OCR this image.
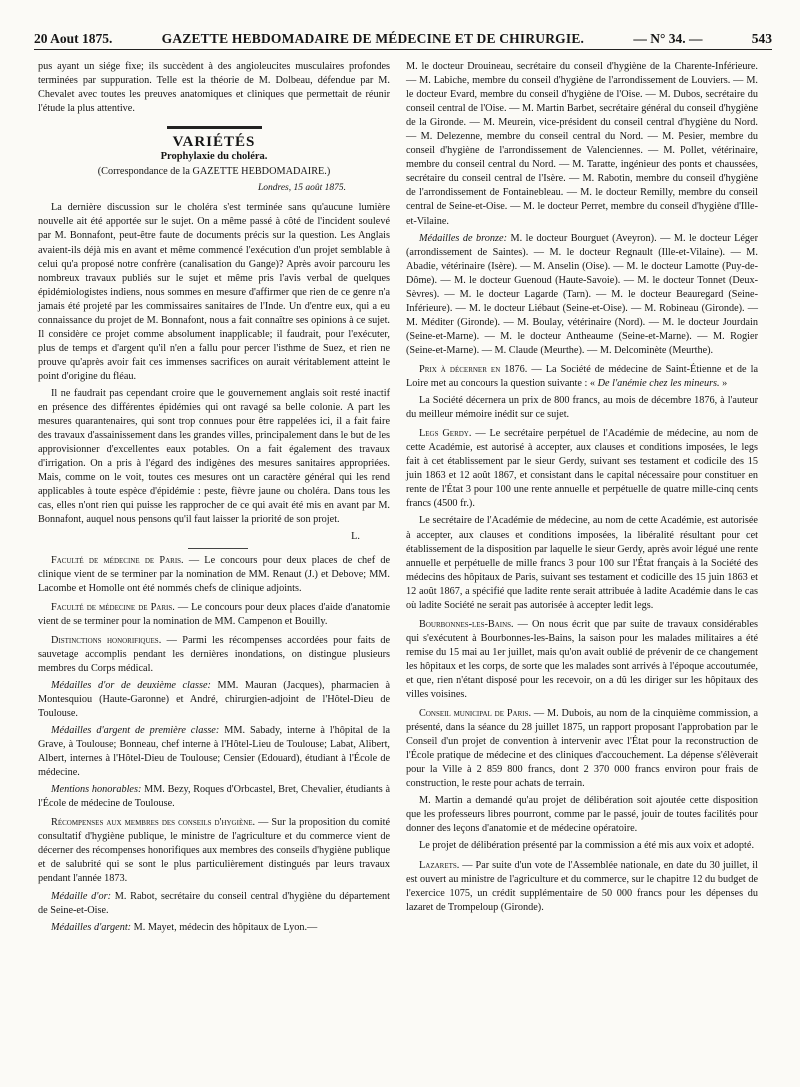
20 Aout 1875.	GAZETTE HEBDOMADAIRE DE MÉDECINE ET DE CHIRURGIE.	— N° 34. —	543

pus ayant un siége fixe; ils succèdent à des angioleucites musculaires profondes terminées par suppuration. Telle est la théorie de M. Dolbeau, défendue par M. Chevalet avec toutes les preuves anatomiques et cliniques que permettait de réunir l'étude la plus attentive.

VARIÉTÉS
Prophylaxie du choléra.
(Correspondance de la GAZETTE HEBDOMADAIRE.)
Londres, 15 août 1875.

La dernière discussion sur le choléra s'est terminée sans qu'aucune lumière nouvelle ait été apportée sur le sujet. On a même passé à côté de l'incident soulevé par M. Bonnafont, peut-être faute de documents précis sur la question. Les Anglais avaient-ils déjà mis en avant et même commencé l'exécution d'un projet semblable à celui qu'a proposé notre confrère (canalisation du Gange)? Après avoir parcouru les nombreux travaux publiés sur le sujet et même pris l'avis verbal de quelques épidémiologistes indiens, nous sommes en mesure d'affirmer que rien de ce genre n'a jamais été projeté par les commissaires sanitaires de l'Inde. Un d'entre eux, qui a eu connaissance du projet de M. Bonnafont, nous a fait connaître ses opinions à ce sujet. Il considère ce projet comme absolument inapplicable; il faudrait, pour l'exécuter, plus de temps et d'argent qu'il n'en a fallu pour percer l'isthme de Suez, et rien ne prouve qu'après avoir fait ces immenses sacrifices on aurait véritablement atteint le point d'origine du fléau.

Il ne faudrait pas cependant croire que le gouvernement anglais soit resté inactif en présence des différentes épidémies qui ont ravagé sa belle colonie. A part les mesures quarantenaires, qui sont trop connues pour être rappelées ici, il a fait faire des travaux d'assainissement dans les grandes villes, principalement dans le but de les approvisionner d'excellentes eaux potables. On a fait également des travaux d'irrigation. On a pris à l'égard des indigènes des mesures sanitaires appropriées. Mais, comme on le voit, toutes ces mesures ont un caractère général qui les rend applicables à toute espèce d'épidémie : peste, fièvre jaune ou choléra. Dans tous les cas, elles n'ont rien qui puisse les rapprocher de ce qui avait été mis en avant par M. Bonnafont, auquel nous pensons qu'il faut laisser la priorité de son projet.

L.

Faculté de médecine de Paris. — Le concours pour deux places de chef de clinique vient de se terminer par la nomination de MM. Renaut (J.) et Debove; MM. Lacombe et Homolle ont été nommés chefs de clinique adjoints.

Faculté de médecine de Paris. — Le concours pour deux places d'aide d'anatomie vient de se terminer pour la nomination de MM. Campenon et Bouilly.

Distinctions honorifiques. — Parmi les récompenses accordées pour faits de sauvetage accomplis pendant les dernières inondations, on distingue plusieurs membres du Corps médical.

Médailles d'or de deuxième classe: MM. Mauran (Jacques), pharmacien à Montesquiou (Haute-Garonne) et André, chirurgien-adjoint de l'Hôtel-Dieu de Toulouse.

Médailles d'argent de première classe: MM. Sabady, interne à l'hôpital de la Grave, à Toulouse; Bonneau, chef interne à l'Hôtel-Lieu de Toulouse; Labat, Alibert, Albert, internes à l'Hôtel-Dieu de Toulouse; Censier (Edouard), étudiant à l'École de médecine.

Mentions honorables: MM. Bezy, Roques d'Orbcastel, Bret, Chevalier, étudiants à l'École de médecine de Toulouse.

Récompenses aux membres des conseils d'hygiène. — Sur la proposition du comité consultatif d'hygiène publique, le ministre de l'agriculture et du commerce vient de décerner des récompenses honorifiques aux membres des conseils d'hygiène publique et de salubrité qui se sont le plus particulièrement distingués par leurs travaux pendant l'année 1873.

Médaille d'or: M. Rabot, secrétaire du conseil central d'hygiène du département de Seine-et-Oise.

Médailles d'argent: M. Mayet, médecin des hôpitaux de Lyon.—

M. le docteur Drouineau, secrétaire du conseil d'hygiène de la Charente-Inférieure. — M. Labiche, membre du conseil d'hygiène de l'arrondissement de Louviers. — M. le docteur Evard, membre du conseil d'hygiène de l'Oise. — M. Dubos, secrétaire du conseil central de l'Oise. — M. Martin Barbet, secrétaire général du conseil d'hygiène de la Gironde. — M. Meurein, vice-président du conseil central d'hygiène du Nord. — M. Delezenne, membre du conseil central du Nord. — M. Pesier, membre du conseil d'hygiène de l'arrondissement de Valenciennes. — M. Pollet, vétérinaire, membre du conseil central du Nord. — M. Taratte, ingénieur des ponts et chaussées, secrétaire du conseil central de l'Isère. — M. Rabotin, membre du conseil d'hygiène de l'arrondissement de Fontainebleau. — M. le docteur Remilly, membre du conseil central de Seine-et-Oise. — M. le docteur Perret, membre du conseil d'hygiène d'Ille-et-Vilaine.

Médailles de bronze: M. le docteur Bourguet (Aveyron). — M. le docteur Léger (arrondissement de Saintes). — M. le docteur Regnault (Ille-et-Vilaine). — M. Abadie, vétérinaire (Isère). — M. Anselin (Oise). — M. le docteur Lamotte (Puy-de-Dôme). — M. le docteur Guenoud (Haute-Savoie). — M. le docteur Tonnet (Deux-Sèvres). — M. le docteur Lagarde (Tarn). — M. le docteur Beauregard (Seine-Inférieure). — M. le docteur Liébaut (Seine-et-Oise). — M. Robineau (Gironde). — M. Méditer (Gironde). — M. Boulay, vétérinaire (Nord). — M. le docteur Jourdain (Seine-et-Marne). — M. le docteur Antheaume (Seine-et-Marne). — M. Rogier (Seine-et-Marne). — M. Claude (Meurthe). — M. Delcominète (Meurthe).

Prix à décerner en 1876. — La Société de médecine de Saint-Étienne et de la Loire met au concours la question suivante : « De l'anémie chez les mineurs. »

La Société décernera un prix de 800 francs, au mois de décembre 1876, à l'auteur du meilleur mémoire inédit sur ce sujet.

Legs Gerdy. — Le secrétaire perpétuel de l'Académie de médecine, au nom de cette Académie, est autorisé à accepter, aux clauses et conditions imposées, le legs fait à cet établissement par le sieur Gerdy, suivant ses testament et codicile des 15 juin 1863 et 12 août 1867, et consistant dans le capital nécessaire pour constituer en rente de l'État 3 pour 100 une rente annuelle et perpétuelle de quatre mille-cinq cents francs (4500 fr.).

Le secrétaire de l'Académie de médecine, au nom de cette Académie, est autorisée à accepter, aux clauses et conditions imposées, la libéralité résultant pour cet établissement de la disposition par laquelle le sieur Gerdy, après avoir légué une rente annuelle et perpétuelle de mille francs 3 pour 100 sur l'État français à la Société des médecins des hôpitaux de Paris, suivant ses testament et codicille des 15 juin 1863 et 12 août 1867, a spécifié que ladite rente serait attribuée à ladite Académie dans le cas où ladite Société ne serait pas autorisée à accepter ledit legs.

Bourbonnes-les-Bains. — On nous écrit que par suite de travaux considérables qui s'exécutent à Bourbonnes-les-Bains, la saison pour les malades militaires a été remise du 15 mai au 1er juillet, mais qu'on avait oublié de prévenir de ce changement les hôpitaux et les corps, de sorte que les malades sont arrivés à l'époque accoutumée, et que, rien n'étant disposé pour les recevoir, on a dû les diriger sur les hôpitaux des villes voisines.

Conseil municipal de Paris. — M. Dubois, au nom de la cinquième commission, a présenté, dans la séance du 28 juillet 1875, un rapport proposant l'approbation par le Conseil d'un projet de convention à intervenir avec l'État pour la reconstruction de l'École pratique de médecine et des cliniques d'accouchement. La dépense s'élèverait pour la Ville à 2 859 800 francs, dont 2 370 000 francs environ pour frais de construction, le reste pour achats de terrain.

M. Martin a demandé qu'au projet de délibération soit ajoutée cette disposition que les professeurs libres pourront, comme par le passé, jouir de toutes facilités pour donner des leçons d'anatomie et de médecine opératoire.

Le projet de délibération présenté par la commission a été mis aux voix et adopté.

Lazarets. — Par suite d'un vote de l'Assemblée nationale, en date du 30 juillet, il est ouvert au ministre de l'agriculture et du commerce, sur le chapitre 12 du budget de l'exercice 1075, un crédit supplémentaire de 50 000 francs pour les dépenses du lazaret de Trompeloup (Gironde).
